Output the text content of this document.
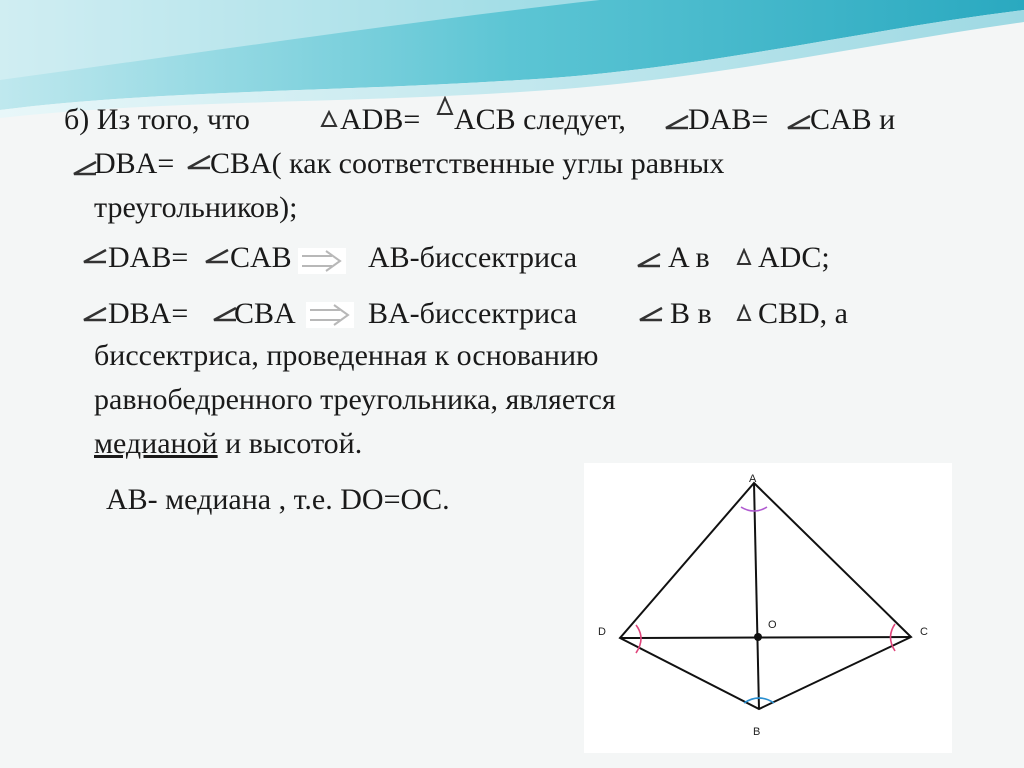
б) Из того, что	ADB= ACB следует, DAB= CAB и
DBA= CBA( как соответственные углы равных
треугольников);
DAB= CAB	AB-биссектриса	A в ADC;
DBA= CBA BA-биссектриса	B в CBD, а
биссектриса, проведенная к основанию
равнобедренного треугольника, является
медианой и высотой.
AB- медиана , т.е. DO=OC.
A
B
C
D
O
